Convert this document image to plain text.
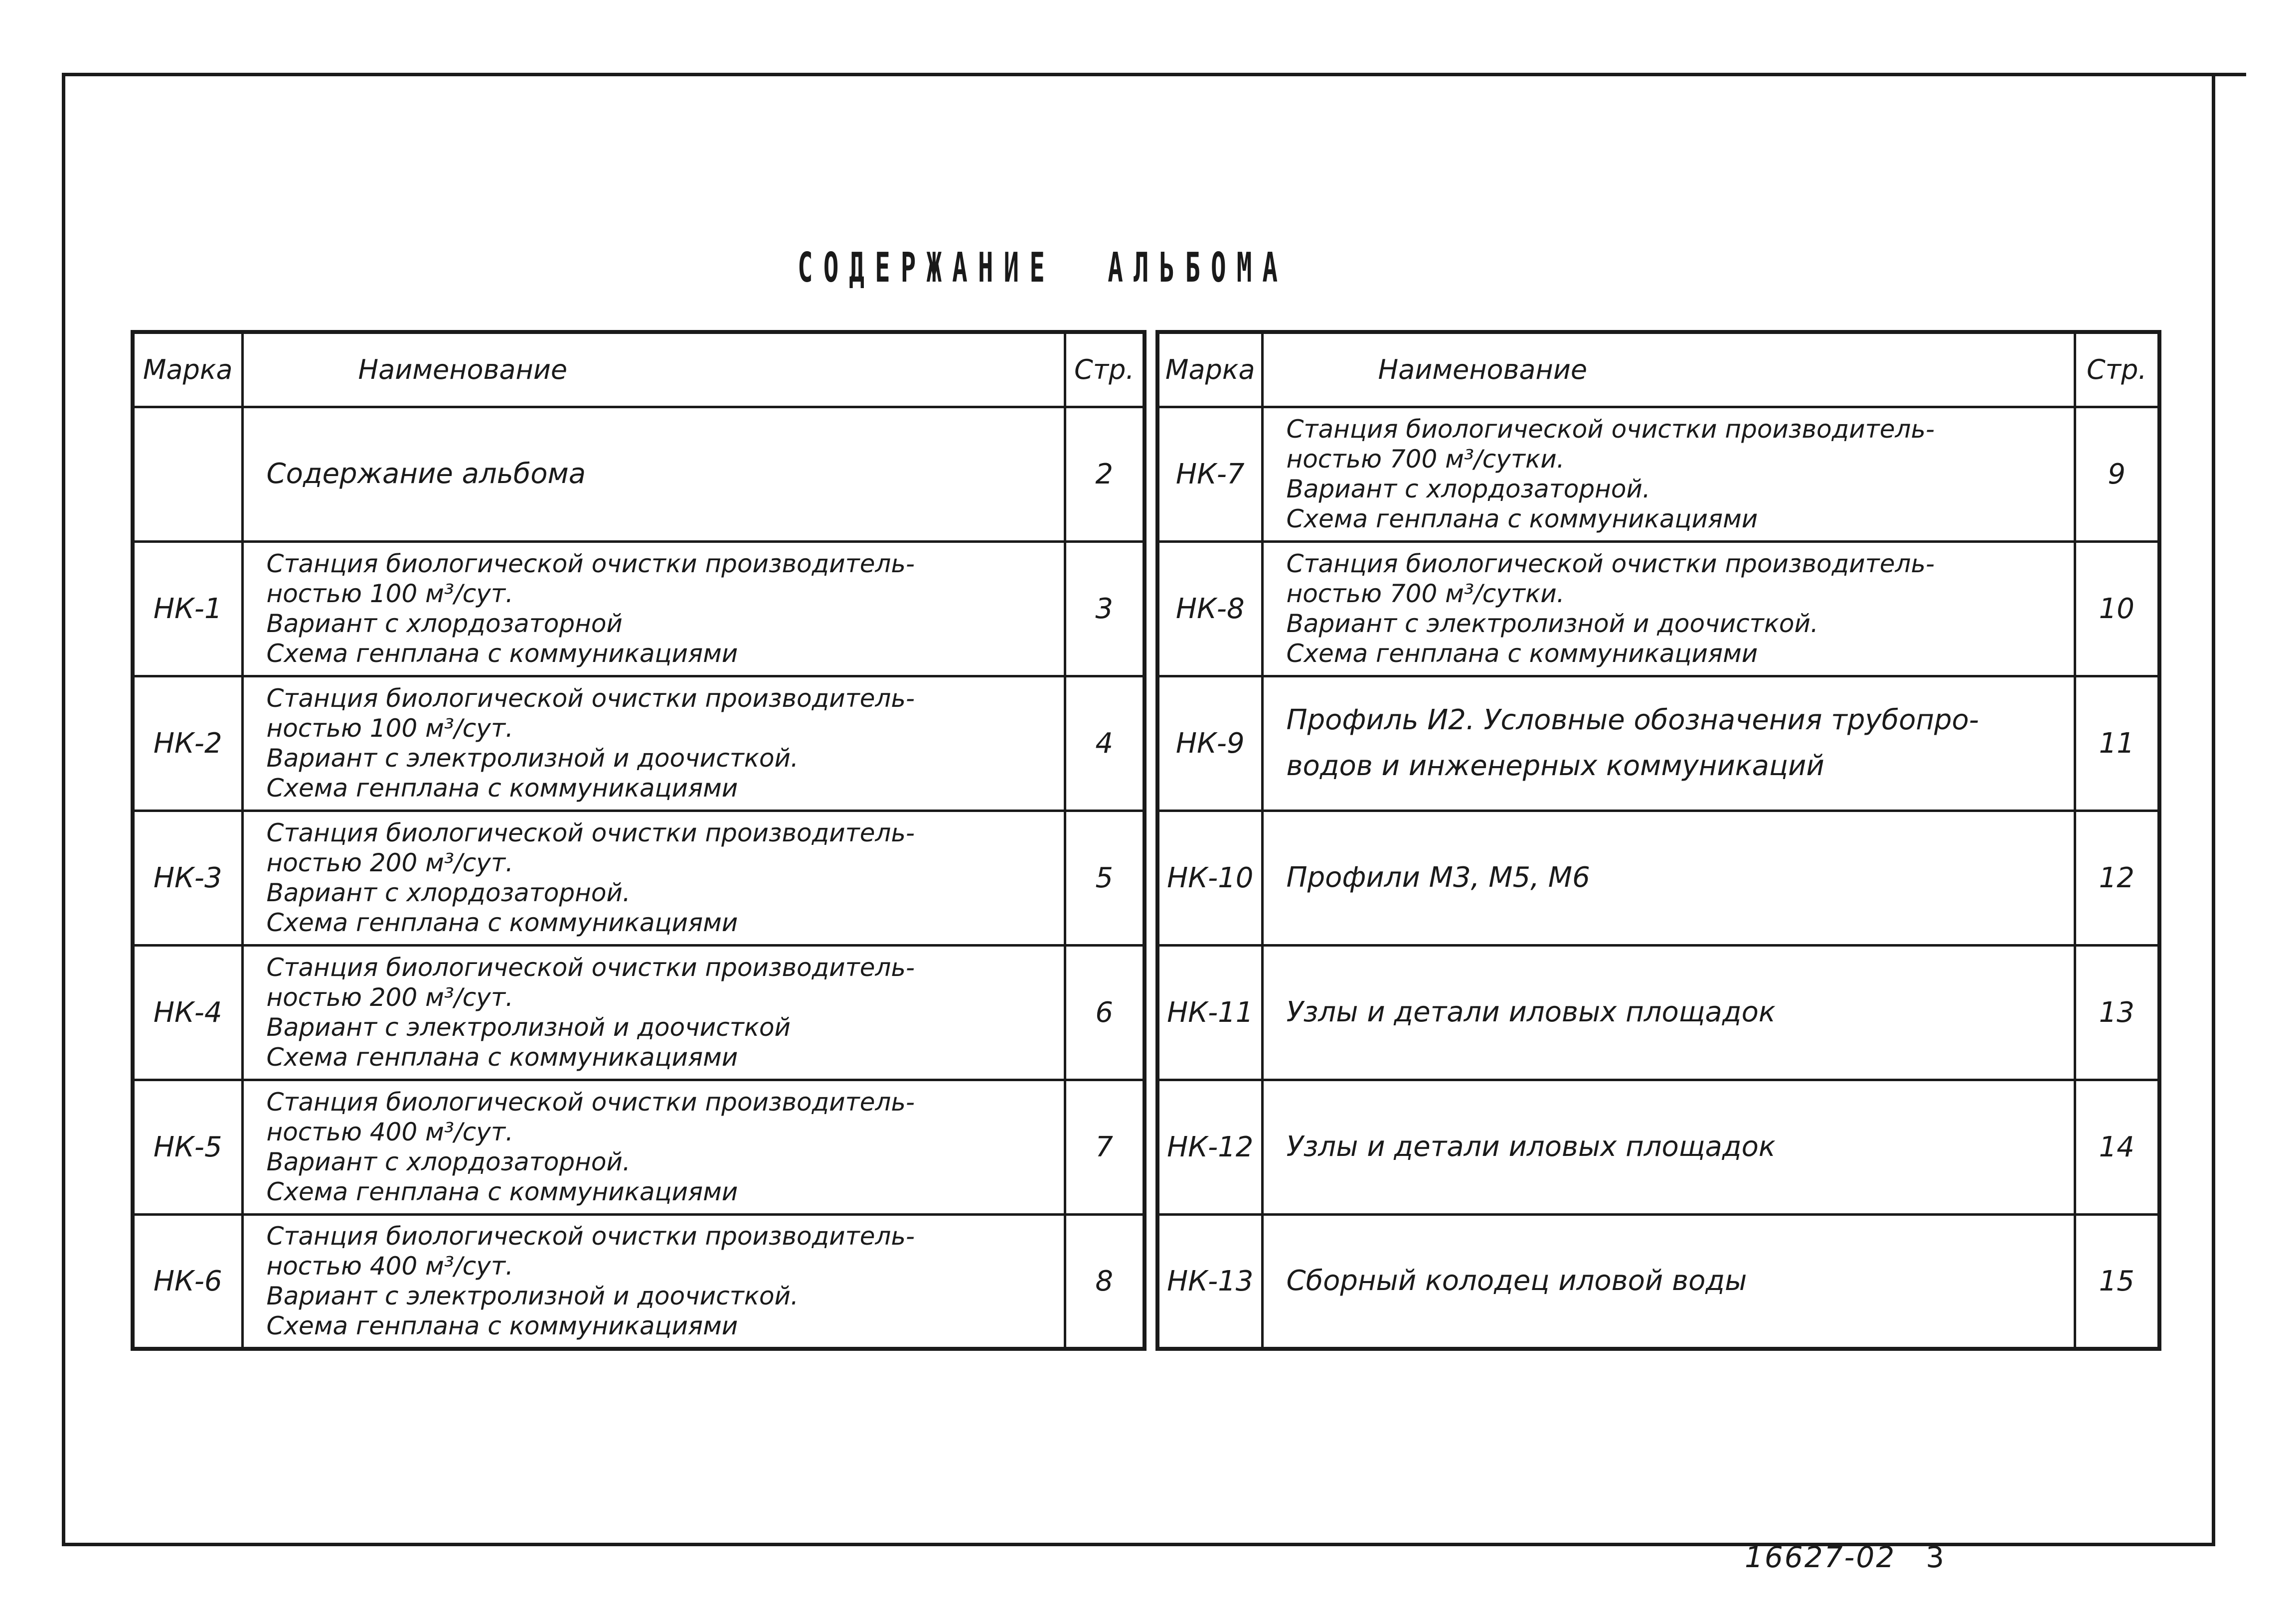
СОДЕРЖАНИЕ АЛЬБОМА
Марка	Наименование	Стр.

	Содержание альбома	2
НК-1	Станция биологической очистки производитель-
ностью 100 м³/сут.
Вариант с хлордозаторной
Схема генплана с коммуникациями	3
НК-2	Станция биологической очистки производитель-
ностью 100 м³/сут.
Вариант с электролизной и доочисткой.
Схема генплана с коммуникациями	4
НК-3	Станция биологической очистки производитель-
ностью 200 м³/сут.
Вариант с хлордозаторной.
Схема генплана с коммуникациями	5
НК-4	Станция биологической очистки производитель-
ностью 200 м³/сут.
Вариант с электролизной и доочисткой
Схема генплана с коммуникациями	6
НК-5	Станция биологической очистки производитель-
ностью 400 м³/сут.
Вариант с хлордозаторной.
Схема генплана с коммуникациями	7
НК-6	Станция биологической очистки производитель-
ностью 400 м³/сут.
Вариант с электролизной и доочисткой.
Схема генплана с коммуникациями	8
Марка	Наименование	Стр.
НК-7	Станция биологической очистки производитель-
ностью 700 м³/сутки.
Вариант с хлордозаторной.
Схема генплана с коммуникациями	9
НК-8	Станция биологической очистки производитель-
ностью 700 м³/сутки.
Вариант с электролизной и доочисткой.
Схема генплана с коммуникациями	10
НК-9	Профиль И2. Условные обозначения трубопро-
водов и инженерных коммуникаций	11
НК-10	Профили М3, М5, М6	12
НК-11	Узлы и детали иловых площадок	13
НК-12	Узлы и детали иловых площадок	14
НК-13	Сборный колодец иловой воды	15
16627-02 3
